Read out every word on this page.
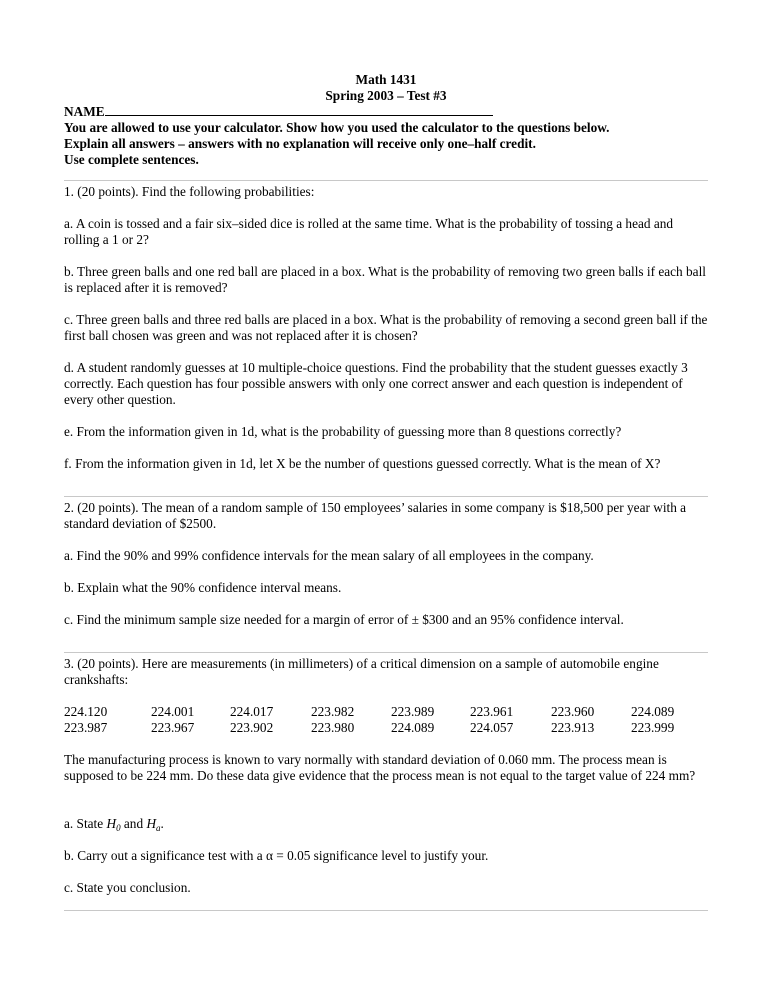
Math 1431
Spring 2003 – Test #3
NAME
You are allowed to use your calculator. Show how you used the calculator to the questions below.
Explain all answers – answers with no explanation will receive only one–half credit.
Use complete sentences.

1. (20 points). Find the following probabilities:

a. A coin is tossed and a fair six–sided dice is rolled at the same time. What is the probability of tossing a head and rolling a 1 or 2?

b. Three green balls and one red ball are placed in a box. What is the probability of removing two green balls if each ball is replaced after it is removed?

c. Three green balls and three red balls are placed in a box. What is the probability of removing a second green ball if the first ball chosen was green and was not replaced after it is chosen?

d. A student randomly guesses at 10 multiple-choice questions. Find the probability that the student guesses exactly 3 correctly. Each question has four possible answers with only one correct answer and each question is independent of every other question.

e. From the information given in 1d, what is the probability of guessing more than 8 questions correctly?

f. From the information given in 1d, let X be the number of questions guessed correctly. What is the mean of X?

2. (20 points). The mean of a random sample of 150 employees’ salaries in some company is $18,500 per year with a standard deviation of $2500.

a. Find the 90% and 99% confidence intervals for the mean salary of all employees in the company.

b. Explain what the 90% confidence interval means.

c. Find the minimum sample size needed for a margin of error of ± $300 and an 95% confidence interval.

3. (20 points). Here are measurements (in millimeters) of a critical dimension on a sample of automobile engine crankshafts:

224.120
223.987
224.001
223.967
224.017
223.902
223.982
223.980
223.989
224.089
223.961
224.057
223.960
223.913
224.089
223.999

The manufacturing process is known to vary normally with standard deviation of 0.060 mm. The process mean is supposed to be 224 mm. Do these data give evidence that the process mean is not equal to the target value of 224 mm?

a. State $H_0$ and $H_a$.

b. Carry out a significance test with a α = 0.05 significance level to justify your.

c. State you conclusion.
